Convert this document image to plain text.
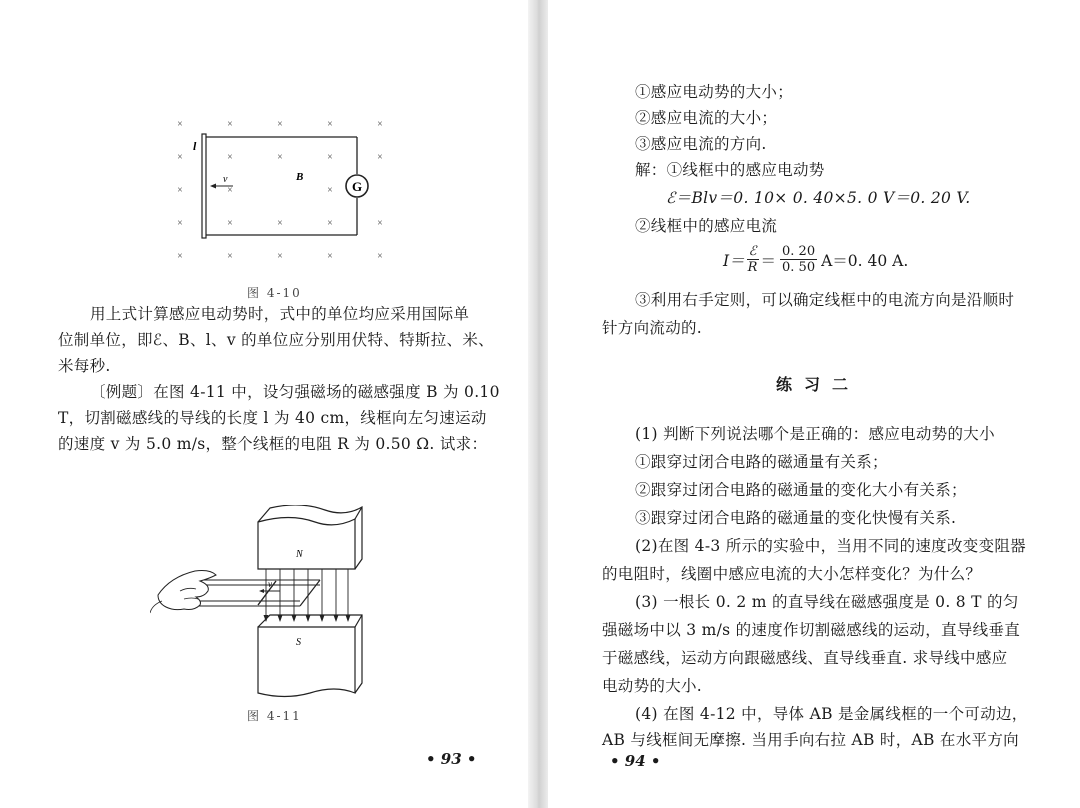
×	×	×	×	×
×	×	×	×	×
×	×	×
×	×	×	×	×
×	×	×	×	×
G
v
l
B
图 4-10
用上式计算感应电动势时，式中的单位均应采用国际单
位制单位，即ℰ、B、l、v 的单位应分别用伏特、特斯拉、米、
米每秒.
〔例题〕在图 4-11 中，设匀强磁场的磁感强度 B 为 0.10
T，切割磁感线的导线的长度 l 为 40 cm，线框向左匀速运动
的速度 v 为 5.0 m/s，整个线框的电阻 R 为 0.50 Ω. 试求：
N
S
v
图 4-11
• 93 •
①感应电动势的大小；
②感应电流的大小；
③感应电流的方向.
解：①线框中的感应电动势
ℰ＝Blv＝0. 10× 0. 40×5. 0 V＝0. 20 V.
②线框中的感应电流
I＝ ℰ
R ＝ 0. 20
0. 50 A＝0. 40 A.
③利用右手定则，可以确定线框中的电流方向是沿顺时
针方向流动的.
练习二
(1) 判断下列说法哪个是正确的：感应电动势的大小
①跟穿过闭合电路的磁通量有关系；
②跟穿过闭合电路的磁通量的变化大小有关系；
③跟穿过闭合电路的磁通量的变化快慢有关系.
(2)在图 4-3 所示的实验中，当用不同的速度改变变阻器
的电阻时，线圈中感应电流的大小怎样变化？为什么？
(3) 一根长 0. 2 m 的直导线在磁感强度是 0. 8 T 的匀
强磁场中以 3 m/s 的速度作切割磁感线的运动，直导线垂直
于磁感线，运动方向跟磁感线、直导线垂直. 求导线中感应
电动势的大小.
(4) 在图 4-12 中，导体 AB 是金属线框的一个可动边，
AB 与线框间无摩擦. 当用手向右拉 AB 时，AB 在水平方向
• 94 •
